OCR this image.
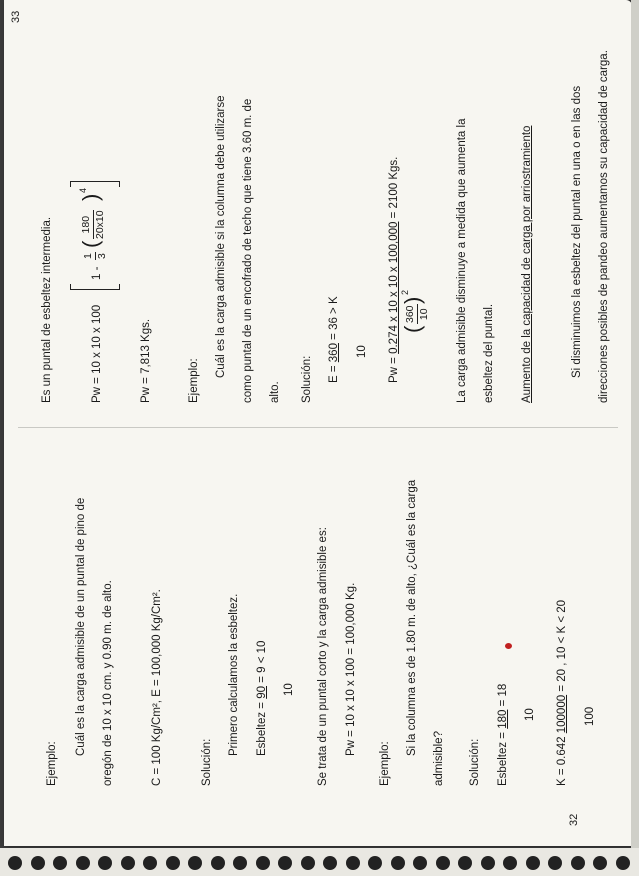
32
Ejemplo:
Cuál es la carga admisible de un puntal de pino de oregón de 10 x 10 cm. y 0.90 m. de alto.	C = 100 Kg/Cm², E = 100,000 Kg/Cm².	Solución:
Primero calculamos la esbeltez. Esbeltez = 90 = 9 < 10
10 Se trata de un puntal corto y la carga admisible es: Pw = 10 x 10 x 100 = 100,000 Kg.
Ejemplo:
Si la columna es de 1.80 m. de alto, ¿Cuál es la carga
admisible? Solución: Esbeltez = 180 = 18
10
K = 0.642 100000 = 20 , 10 < K < 20
100
33
Es un puntal de esbeltez intermedia.	Pw = 10 x 10 x 100
1 -
1 3
(
180 20x10
)
4
Pw = 7,813 Kgs.	Ejemplo:
Cuál es la carga admisible si la columna debe utilizarse como puntal de un encofrado de techo que tiene 3.60 m. de alto. Solución: E = 360 = 36 > K
10
Pw = 0.274 x 10 x 10 x 100,000 = 2100 Kgs.
(
360 10
)
2	La carga admisible disminuye a medida que aumenta la esbeltez del puntal. Aumento de la capacidad de carga por arriostramiento	Si disminuimos la esbeltez del puntal en una o en las dos direcciones posibles de pandeo aumentamos su capacidad de carga.
